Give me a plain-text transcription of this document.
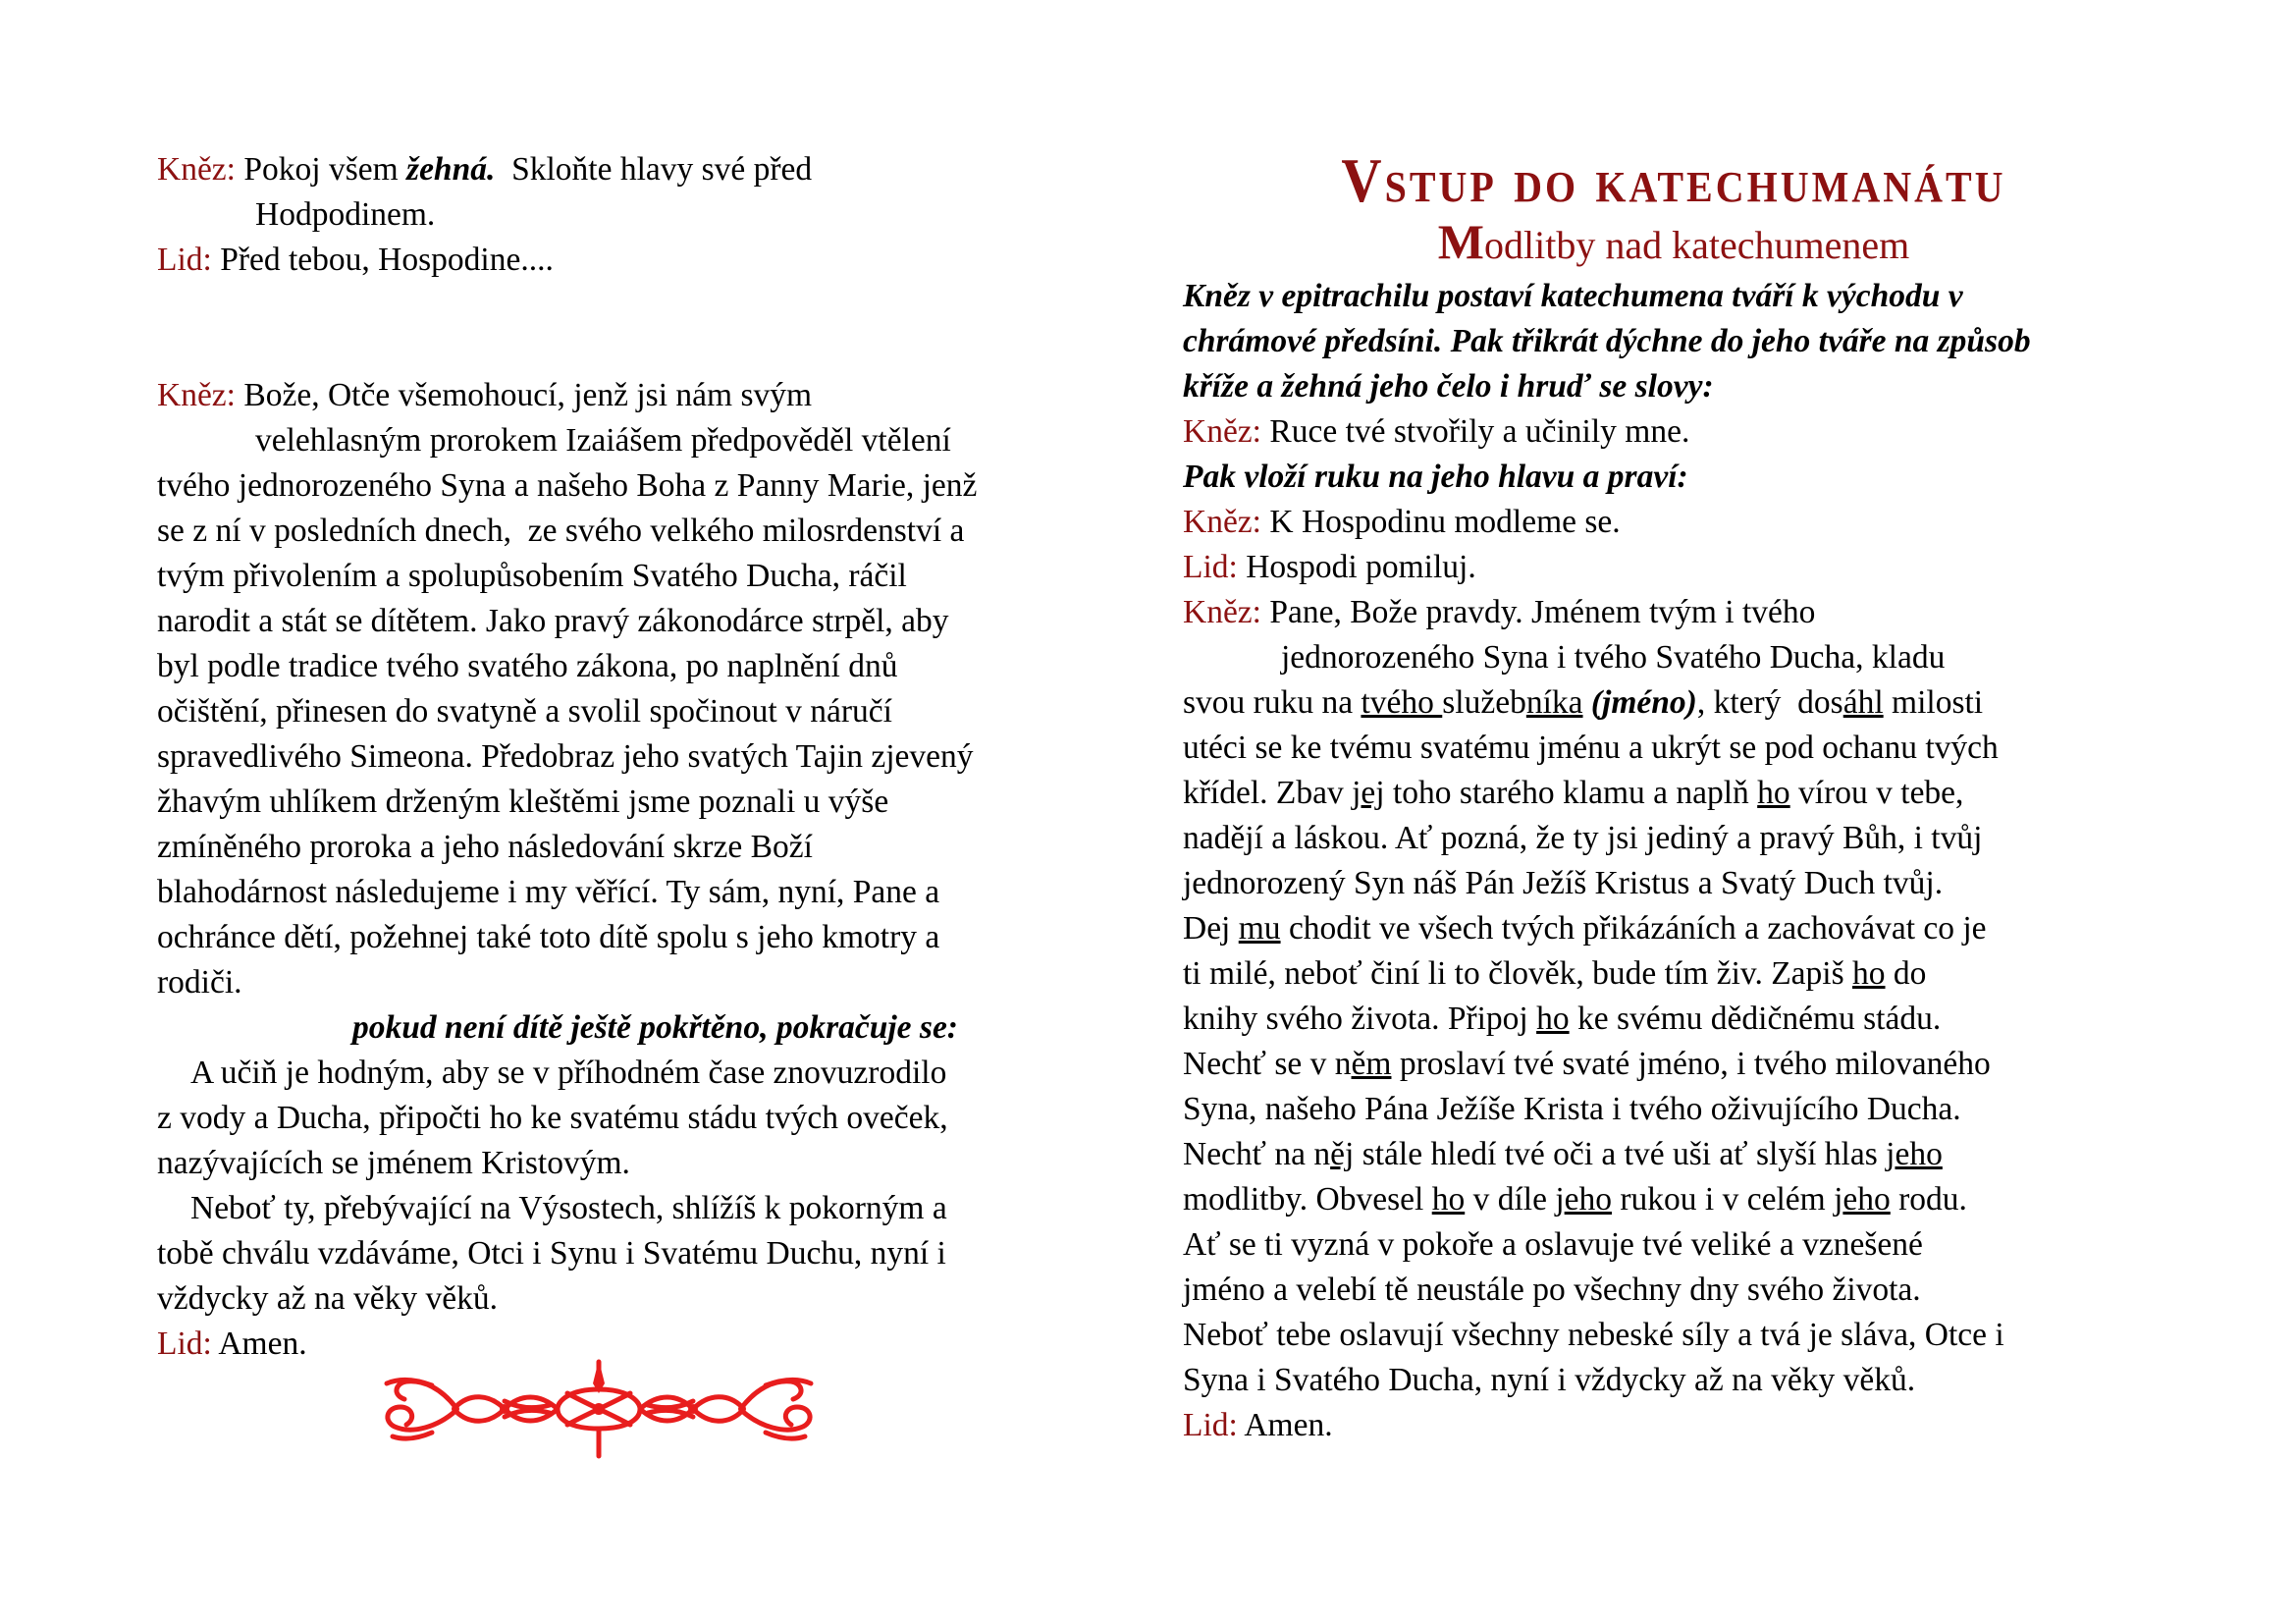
Kněz: Pokoj všem žehná.  Skloňte hlavy své před
Hodpodinem.
Lid: Před tebou, Hospodine....
Kněz: Bože, Otče všemohoucí, jenž jsi nám svým
velehlasným prorokem Izaiášem předpověděl vtělení
tvého jednorozeného Syna a našeho Boha z Panny Marie, jenž
se z ní v posledních dnech,  ze svého velkého milosrdenství a
tvým přivolením a spolupůsobením Svatého Ducha, ráčil
narodit a stát se dítětem. Jako pravý zákonodárce strpěl, aby
byl podle tradice tvého svatého zákona, po naplnění dnů
očištění, přinesen do svatyně a svolil spočinout v náručí
spravedlivého Simeona. Předobraz jeho svatých Tajin zjevený
žhavým uhlíkem drženým kleštěmi jsme poznali u výše
zmíněného proroka a jeho následování skrze Boží
blahodárnost následujeme i my věřící. Ty sám, nyní, Pane a
ochránce dětí, požehnej také toto dítě spolu s jeho kmotry a
rodiči.
pokud není dítě ještě pokřtěno, pokračuje se:
A učiň je hodným, aby se v příhodném čase znovuzrodilo
z vody a Ducha, připočti ho ke svatému stádu tvých oveček,
nazývajících se jménem Kristovým.
Neboť ty, přebývající na Výsostech, shlížíš k pokorným a
tobě chválu vzdáváme, Otci i Synu i Svatému Duchu, nyní i
vždycky až na věky věků.
Lid: Amen.
Vstup do katechumanátu
Modlitby nad katechumenem
Kněz v epitrachilu postaví katechumena tváří k východu v
chrámové předsíni. Pak třikrát dýchne do jeho tváře na způsob
kříže a žehná jeho čelo i hruď se slovy:
Kněz: Ruce tvé stvořily a učinily mne.
Pak vloží ruku na jeho hlavu a praví:
Kněz: K Hospodinu modleme se.
Lid: Hospodi pomiluj.
Kněz: Pane, Bože pravdy. Jménem tvým i tvého
jednorozeného Syna i tvého Svatého Ducha, kladu
svou ruku na tvého služebníka (jméno), který  dosáhl milosti
utéci se ke tvému svatému jménu a ukrýt se pod ochanu tvých
křídel. Zbav jej toho starého klamu a naplň ho vírou v tebe,
nadějí a láskou. Ať pozná, že ty jsi jediný a pravý Bůh, i tvůj
jednorozený Syn náš Pán Ježíš Kristus a Svatý Duch tvůj.
Dej mu chodit ve všech tvých přikázáních a zachovávat co je
ti milé, neboť činí li to člověk, bude tím živ. Zapiš ho do
knihy svého života. Připoj ho ke svému dědičnému stádu.
Nechť se v něm proslaví tvé svaté jméno, i tvého milovaného
Syna, našeho Pána Ježíše Krista i tvého oživujícího Ducha.
Nechť na něj stále hledí tvé oči a tvé uši ať slyší hlas jeho
modlitby. Obvesel ho v díle jeho rukou i v celém jeho rodu.
Ať se ti vyzná v pokoře a oslavuje tvé veliké a vznešené
jméno a velebí tě neustále po všechny dny svého života.
Neboť tebe oslavují všechny nebeské síly a tvá je sláva, Otce i
Syna i Svatého Ducha, nyní i vždycky až na věky věků.
Lid: Amen.
